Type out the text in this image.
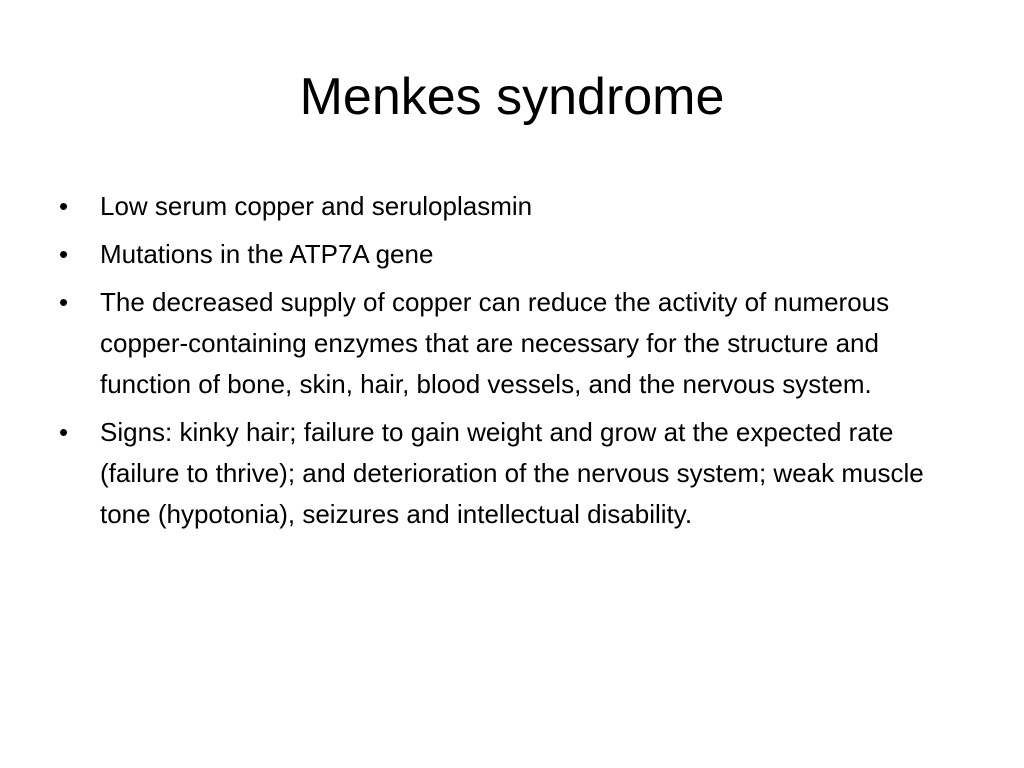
Menkes syndrome
• Low serum copper and seruloplasmin
• Mutations in the ATP7A gene
• The decreased supply of copper can reduce the activity of numerous copper-containing enzymes that are necessary for the structure and function of bone, skin, hair, blood vessels, and the nervous system.
• Signs: kinky hair; failure to gain weight and grow at the expected rate (failure to thrive); and deterioration of the nervous system; weak muscle tone (hypotonia), seizures and intellectual disability.
